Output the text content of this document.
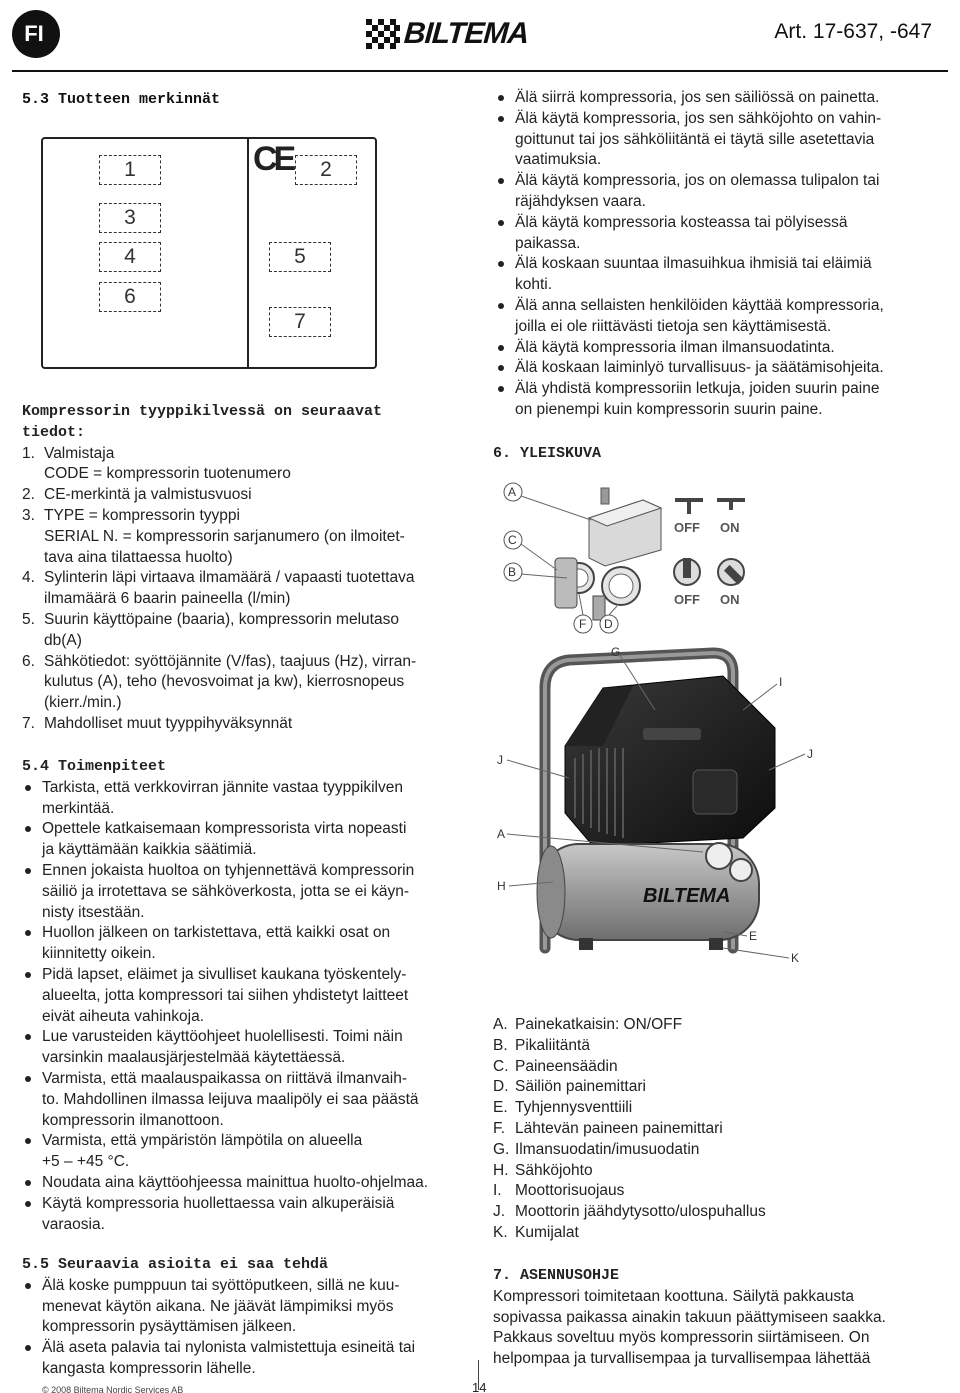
FI	BILTEMA	Art. 17-637, -647
5.3 Tuotteen merkinnät
1	CE	2
3
4	5
6
7

Kompressorin tyyppikilvessä on seuraavat

tiedot:

1. Valmistaja

CODE = kompressorin tuotenumero

2. CE-merkintä ja valmistusvuosi

3. TYPE = kompressorin tyyppi

SERIAL N. = kompressorin sarjanumero (on ilmoitet-

tava aina tilattaessa huolto)

4. Sylinterin läpi virtaava ilmamäärä / vapaasti tuotettava

ilmamäärä 6 baarin paineella (l/min)

5. Suurin käyttöpaine (baaria), kompressorin melutaso

db(A)

6. Sähkötiedot: syöttöjännite (V/fas), taajuus (Hz), virran-

kulutus (A), teho (hevosvoimat ja kw), kierrosnopeus

(kierr./min.)

7. Mahdolliset muut tyyppihyväksynnät

5.4 Toimenpiteet

Tarkista, että verkkovirran jännite vastaa tyyppikilven

merkintää.

Opettele katkaisemaan kompressorista virta nopeasti

ja käyttämään kaikkia säätimiä.

Ennen jokaista huoltoa on tyhjennettävä kompressorin

säiliö ja irrotettava se sähköverkosta, jotta se ei käyn-

nisty itsestään.

Huollon jälkeen on tarkistettava, että kaikki osat on

kiinnitetty oikein.

Pidä lapset, eläimet ja sivulliset kaukana työskentely-

alueelta, jotta kompressori tai siihen yhdistetyt laitteet

eivät aiheuta vahinkoja.

Lue varusteiden käyttöohjeet huolellisesti. Toimi näin

varsinkin maalausjärjestelmää käytettäessä.

Varmista, että maalauspaikassa on riittävä ilmanvaih-

to. Mahdollinen ilmassa leijuva maalipöly ei saa päästä

kompressorin ilmanottoon.

Varmista, että ympäristön lämpötila on alueella

+5 – +45 °C.

Noudata aina käyttöohjeessa mainittua huolto-ohjelmaa.

Käytä kompressoria huollettaessa vain alkuperäisiä

varaosia.

5.5 Seuraavia asioita ei saa tehdä

Älä koske pumppuun tai syöttöputkeen, sillä ne kuu-

menevat käytön aikana. Ne jäävät lämpimiksi myös

kompressorin pysäyttämisen jälkeen.

Älä aseta palavia tai nylonista valmistettuja esineitä tai

kangasta kompressorin lähelle.

Älä siirrä kompressoria, jos sen säiliössä on painetta.

Älä käytä kompressoria, jos sen sähköjohto on vahin-

goittunut tai jos sähköliitäntä ei täytä sille asetettavia

vaatimuksia.

Älä käytä kompressoria, jos on olemassa tulipalon tai

räjähdyksen vaara.

Älä käytä kompressoria kosteassa tai pölyisessä

paikassa.

Älä koskaan suuntaa ilmasuihkua ihmisiä tai eläimiä

kohti.

Älä anna sellaisten henkilöiden käyttää kompressoria,

joilla ei ole riittävästi tietoja sen käyttämisestä.

Älä käytä kompressoria ilman ilmansuodatinta.

Älä koskaan laiminlyö turvallisuus- ja säätämisohjeita.

Älä yhdistä kompressoriin letkuja, joiden suurin paine

on pienempi kuin kompressorin suurin paine.

6. YLEISKUVA
OFF ON
OFF ON
BILTEMA
A
C
B
F D
G
I
J	J
A
H
E
K
A. Painekatkaisin: ON/OFF
B. Pikaliitäntä
C. Paineensäädin
D. Säiliön painemittari
E. Tyhjennysventtiili
F. Lähtevän paineen painemittari
G. Ilmansuodatin/imusuodatin
H. Sähköjohto
I. Moottorisuojaus
J. Moottorin jäähdytysotto/ulospuhallus
K. Kumijalat

7. ASENNUSOHJE

Kompressori toimitetaan koottuna. Säilytä pakkausta

sopivassa paikassa ainakin takuun päättymiseen saakka.

Pakkaus soveltuu myös kompressorin siirtämiseen. On

helpompaa ja turvallisempaa ja turvallisempaa lähettää

© 2008 Biltema Nordic Services AB	14
